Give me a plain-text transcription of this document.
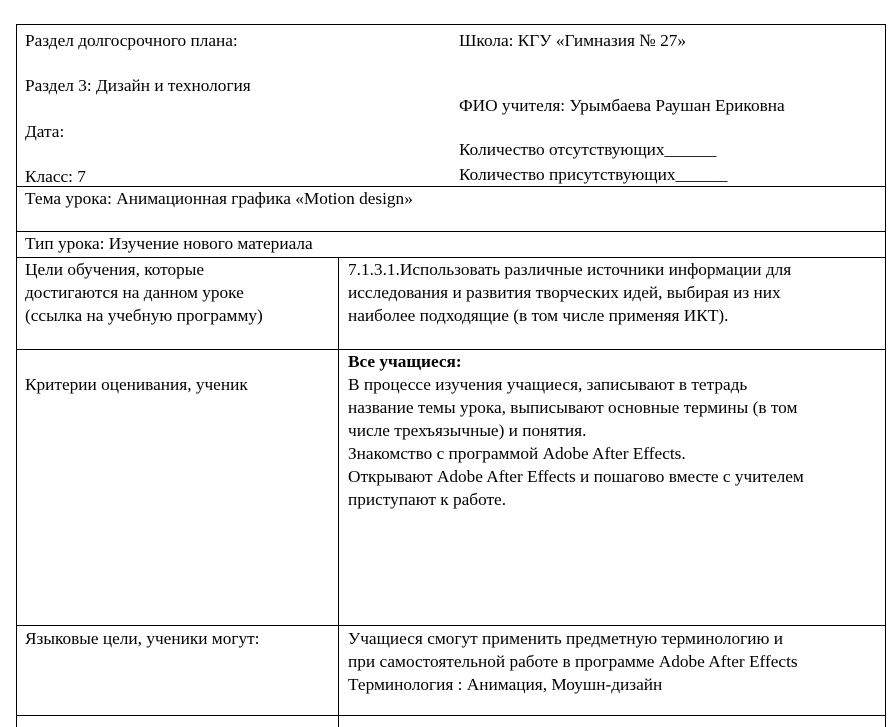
Раздел долгосрочного плана:
Раздел 3: Дизайн и технология
Дата:
Класс: 7
Школа: КГУ «Гимназия № 27»
ФИО учителя: Урымбаева Раушан Ериковна
Количество отсутствующих______
Количество присутствующих______
Тема урока: Анимационная графика «Motion design»
Тип урока: Изучение нового материала
Цели обучения, которые
достигаются на данном уроке
(ссылка на учебную программу)
7.1.3.1.Использовать различные источники информации для
исследования и развития творческих идей, выбирая из них
наиболее подходящие (в том числе применяя ИКТ).
Критерии оценивания, ученик
Все учащиеся:
В процессе изучения учащиеся, записывают в тетрадь
название темы урока, выписывают основные термины (в том
числе трехъязычные) и понятия.
Знакомство с программой Adobe After Effects.
Открывают Adobe After Effects и пошагово вместе с учителем
приступают к работе.
Языковые цели, ученики могут:	Учащиеся смогут применить предметную терминологию и
при самостоятельной работе в программе Adobe After Effects
Терминология : Анимация, Моушн-дизайн
